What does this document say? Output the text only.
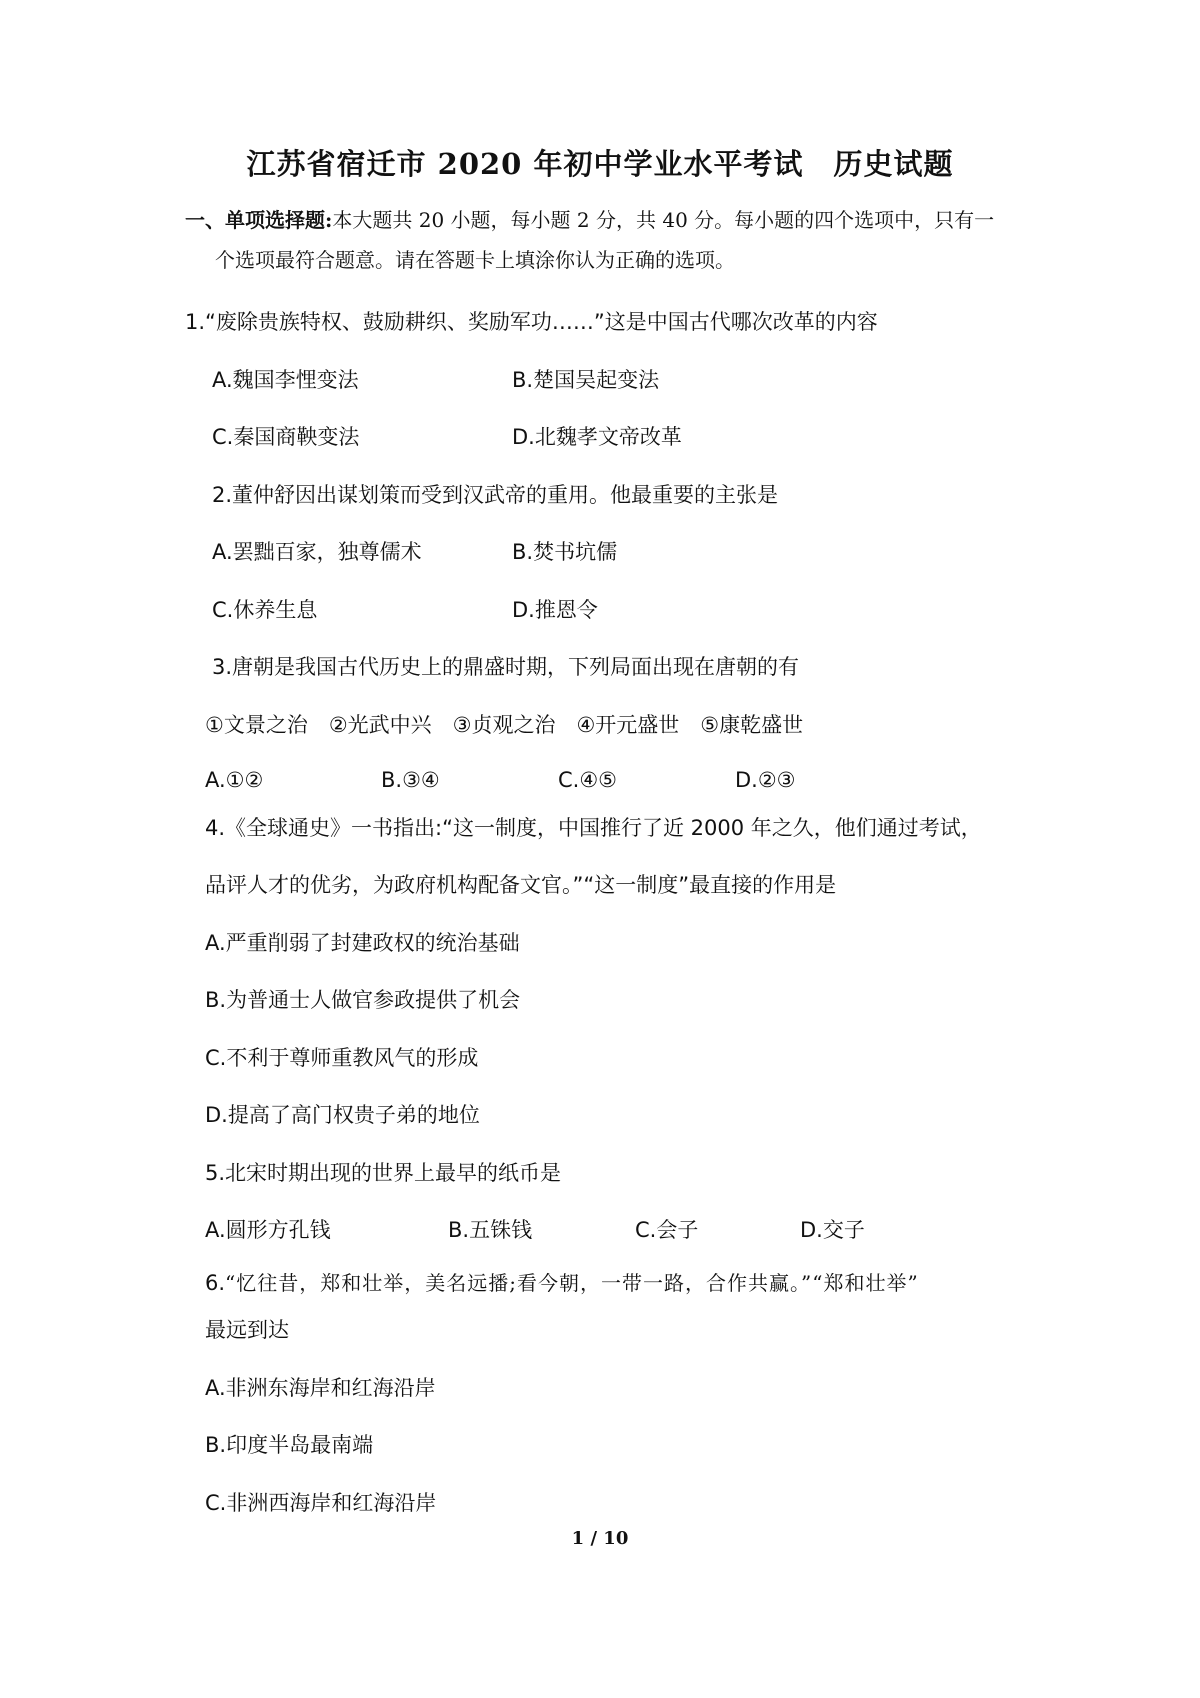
江苏省宿迁市 2020 年初中学业水平考试　历史试题
一、单项选择题:本大题共 20 小题，每小题 2 分，共 40 分。每小题的四个选项中，只有一
个选项最符合题意。请在答题卡上填涂你认为正确的选项。
1.“废除贵族特权、鼓励耕织、奖励军功……”这是中国古代哪次改革的内容
A.魏国李悝变法	B.楚国吴起变法
C.秦国商鞅变法	D.北魏孝文帝改革
2.董仲舒因出谋划策而受到汉武帝的重用。他最重要的主张是
A.罢黜百家，独尊儒术	B.焚书坑儒
C.休养生息	D.推恩令
3.唐朝是我国古代历史上的鼎盛时期，下列局面出现在唐朝的有
①文景之治　②光武中兴　③贞观之治　④开元盛世　⑤康乾盛世
A.①②	B.③④	C.④⑤	D.②③
4.《全球通史》一书指出:“这一制度，中国推行了近 2000 年之久，他们通过考试，
品评人才的优劣，为政府机构配备文官。”“这一制度”最直接的作用是
A.严重削弱了封建政权的统治基础
B.为普通士人做官参政提供了机会
C.不利于尊师重教风气的形成
D.提高了高门权贵子弟的地位
5.北宋时期出现的世界上最早的纸币是
A.圆形方孔钱	B.五铢钱	C.会子	D.交子
6.“忆往昔，郑和壮举，美名远播;看今朝，一带一路，合作共赢。”“郑和壮举”
最远到达
A.非洲东海岸和红海沿岸
B.印度半岛最南端
C.非洲西海岸和红海沿岸
1 / 10
